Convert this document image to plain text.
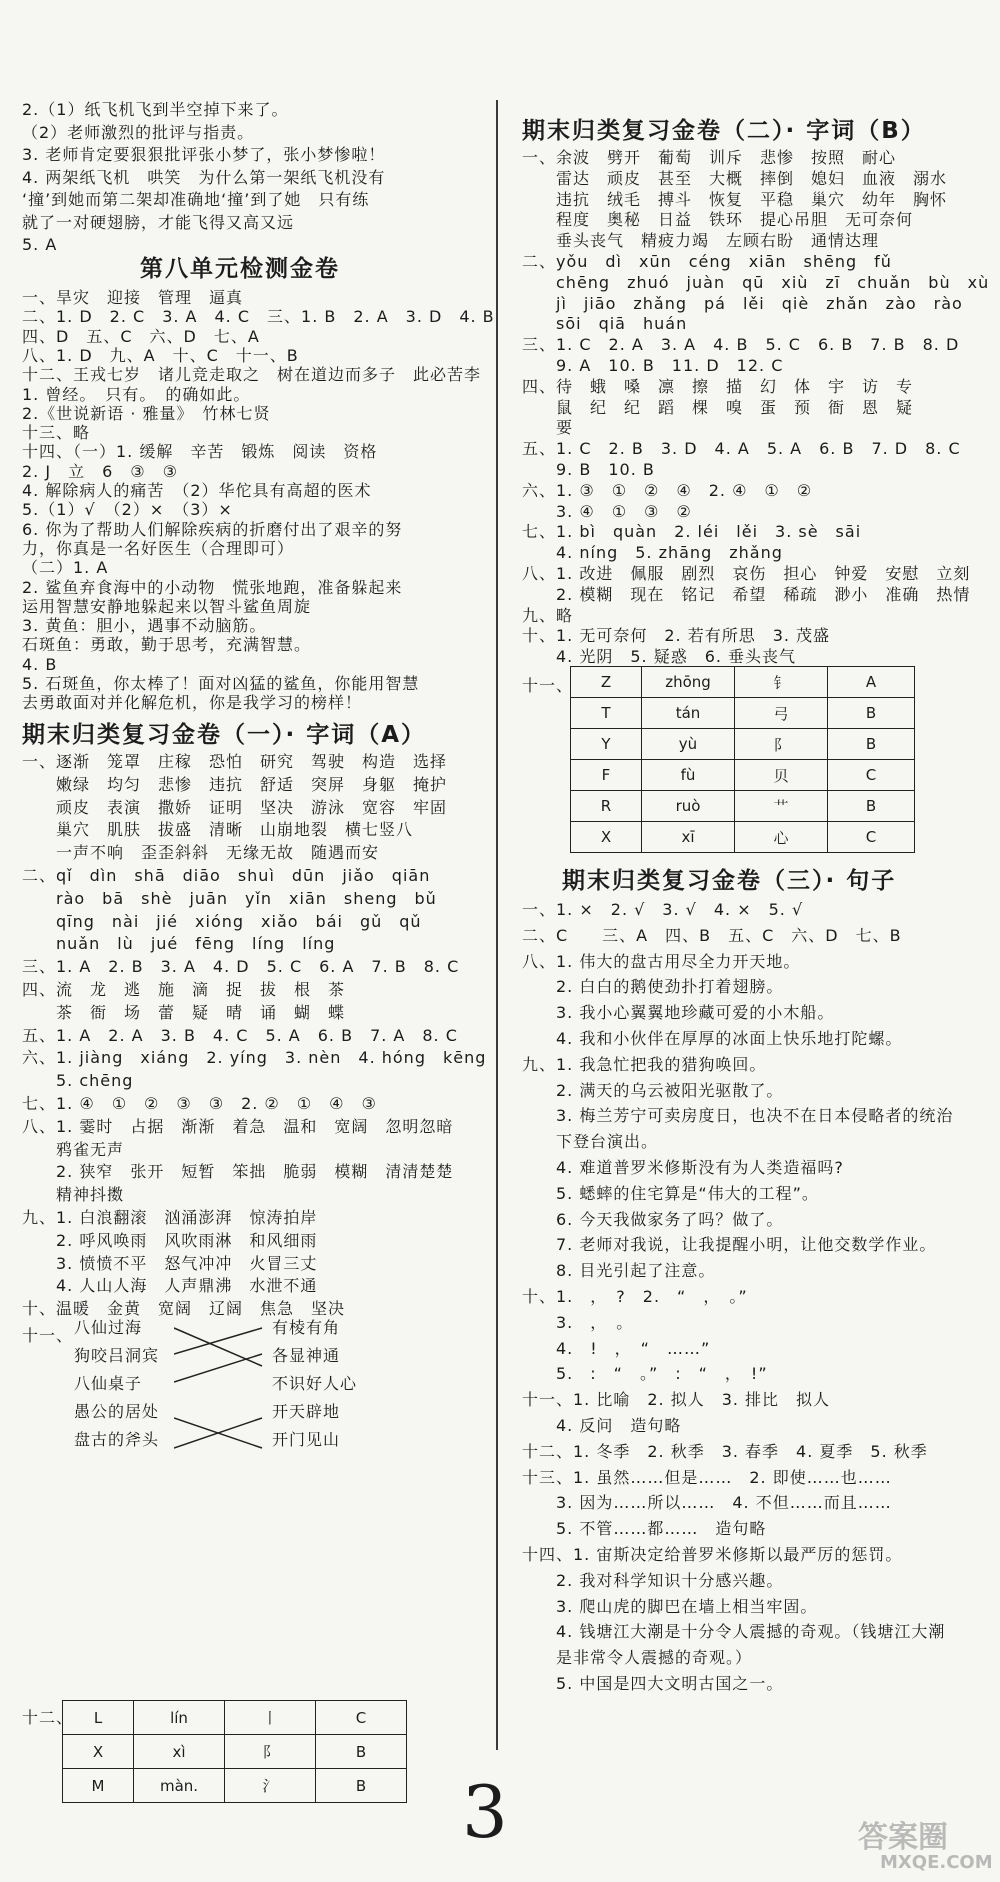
2.（1）纸飞机飞到半空掉下来了。
（2）老师激烈的批评与指责。
3. 老师肯定要狠狠批评张小梦了，张小梦惨啦！
4. 两架纸飞机　哄笑　为什么第一架纸飞机没有
‘撞’到她而第二架却准确地‘撞’到了她　只有练
就了一对硬翅膀，才能飞得又高又远
5. A
第八单元检测金卷
一、旱灾　迎接　管理　逼真
二、1. D　2. C　3. A　4. C　三、1. B　2. A　3. D　4. B
四、D　五、C　六、D　七、A
八、1. D　九、A　十、C　十一、B
十二、王戎七岁　诸儿竞走取之　树在道边而多子　此必苦李
1. 曾经。　只有。　的确如此。
2.《世说新语 · 雅量》　竹林七贤
十三、略
十四、（一）1. 缓解　辛苦　锻炼　阅读　资格
2. J　立　6　③　③
4. 解除病人的痛苦　（2）华佗具有高超的医术
5.（1）√　（2）×　（3）×
6. 你为了帮助人们解除疾病的折磨付出了艰辛的努
力，你真是一名好医生（合理即可）
（二）1. A
2. 鲨鱼弃食海中的小动物　慌张地跑，准备躲起来
运用智慧安静地躲起来以智斗鲨鱼周旋
3. 黄鱼：胆小，遇事不动脑筋。
石斑鱼：勇敢，勤于思考，充满智慧。
4. B
5. 石斑鱼，你太棒了！面对凶猛的鲨鱼，你能用智慧
去勇敢面对并化解危机，你是我学习的榜样！
期末归类复习金卷（一）· 字词（A）
一、逐渐　笼罩　庄稼　恐怕　研究　驾驶　构造　选择
　　嫩绿　均匀　悲惨　违抗　舒适　突屏　身躯　掩护
　　顽皮　表演　撒娇　证明　坚决　游泳　宽容　牢固
　　巢穴　肌肤　拔盛　清晰　山崩地裂　横七竖八
　　一声不响　歪歪斜斜　无缘无故　随遇而安
二、qǐ　dìn　shā　diāo　shuì　dūn　jiǎo　qiān
　　rào　bā　shè　juān　yǐn　xiān　sheng　bǔ
　　qīng　nài　jié　xióng　xiǎo　bái　gǔ　qǔ
　　nuǎn　lù　jué　fēng　líng　líng
三、1. A　2. B　3. A　4. D　5. C　6. A　7. B　8. C
四、流　龙　逃　施　滴　捉　拔　根　茶
　　茶　衙　场　蕾　疑　晴　诵　蝴　蝶
五、1. A　2. A　3. B　4. C　5. A　6. B　7. A　8. C
六、1. jiàng　xiáng　2. yíng　3. nèn　4. hóng　kēng
　　5. chēng
七、1. ④　①　②　③　③　2. ②　①　④　③
八、1. 霎时　占据　渐渐　着急　温和　宽阔　忽明忽暗
　　鸦雀无声
　　2. 狭窄　张开　短暂　笨拙　脆弱　模糊　清清楚楚
　　精神抖擞
九、1. 白浪翻滚　汹涌澎湃　惊涛拍岸
　　2. 呼风唤雨　风吹雨淋　和风细雨
　　3. 愤愤不平　怒气冲冲　火冒三丈
　　4. 人山人海　人声鼎沸　水泄不通
十、温暖　金黄　宽阔　辽阔　焦急　坚决
十一、 八仙过海
狗咬吕洞宾
八仙桌子
愚公的居处
盘古的斧头
有棱有角
各显神通
不识好人心
开天辟地
开门见山
十二、 L	lín	丨	C
X	xì	阝	B
M	màn.	氵	B
期末归类复习金卷（二）· 字词（B）
一、余波　劈开　葡萄　训斥　悲惨　按照　耐心
　　雷达　顽皮　甚至　大概　摔倒　媳妇　血液　溺水
　　违抗　绒毛　搏斗　恢复　平稳　巢穴　幼年　胸怀
　　程度　奥秘　日益　铁环　提心吊胆　无可奈何
　　垂头丧气　精疲力竭　左顾右盼　通情达理
二、yǒu　dì　xūn　céng　xiān　shēng　fǔ
　　chēng　zhuó　juàn　qū　xiù　zī　chuǎn　bù　xù
　　jì　jiāo　zhǎng　pá　lěi　qiè　zhǎn　zào　rào
　　sōi　qiā　huán
三、1. C　2. A　3. A　4. B　5. C　6. B　7. B　8. D
　　9. A　10. B　11. D　12. C
四、待　蛾　嗓　凛　擦　描　幻　体　宇　访　专
　　鼠　纪　纪　蹈　棵　嗅　蛋　预　衙　恩　疑
　　要
五、1. C　2. B　3. D　4. A　5. A　6. B　7. D　8. C
　　9. B　10. B
六、1. ③　①　②　④　2. ④　①　②
　　3. ④　①　③　②
七、1. bì　quàn　2. léi　lěi　3. sè　sāi
　　4. níng　5. zhāng　zhǎng
八、1. 改进　佩服　剧烈　哀伤　担心　钟爱　安慰　立刻
　　2. 模糊　现在　铭记　希望　稀疏　渺小　准确　热情
九、略
十、1. 无可奈何　2. 若有所思　3. 茂盛
　　4. 光阴　5. 疑惑　6. 垂头丧气
十一、 Z	zhōng	钅	A
T	tán	弓	B
Y	yù	阝	B
F	fù	贝	C
R	ruò	艹	B
X	xī	心	C
期末归类复习金卷（三）· 句子
一、1. ×　2. √　3. √　4. ×　5. √
二、C　　三、A　四、B　五、C　六、D　七、B
八、1. 伟大的盘古用尽全力开天地。
　　2. 白白的鹅使劲扑打着翅膀。
　　3. 我小心翼翼地珍藏可爱的小木船。
　　4. 我和小伙伴在厚厚的冰面上快乐地打陀螺。
九、1. 我急忙把我的猎狗唤回。
　　2. 满天的乌云被阳光驱散了。
　　3. 梅兰芳宁可卖房度日，也决不在日本侵略者的统治
　　下登台演出。
　　4. 难道普罗米修斯没有为人类造福吗?
　　5. 蟋蟀的住宅算是“伟大的工程”。
　　6. 今天我做家务了吗？做了。
　　7. 老师对我说，让我提醒小明，让他交数学作业。
　　8. 目光引起了注意。
十、1.　，　?　2.　“　，　。”
　　3.　，　。
　　4.　!　，　“　……”
　　5.　:　“　。”　:　“　，　!”
十一、1. 比喻　2. 拟人　3. 排比　拟人
　　4. 反问　造句略
十二、1. 冬季　2. 秋季　3. 春季　4. 夏季　5. 秋季
十三、1. 虽然……但是……　2. 即使……也……
　　3. 因为……所以……　4. 不但……而且……
　　5. 不管……都……　造句略
十四、1. 宙斯决定给普罗米修斯以最严厉的惩罚。
　　2. 我对科学知识十分感兴趣。
　　3. 爬山虎的脚巴在墙上相当牢固。
　　4. 钱塘江大潮是十分令人震撼的奇观。（钱塘江大潮
　　是非常令人震撼的奇观。）
　　5. 中国是四大文明古国之一。
3	答案圈
MXQE.COM
